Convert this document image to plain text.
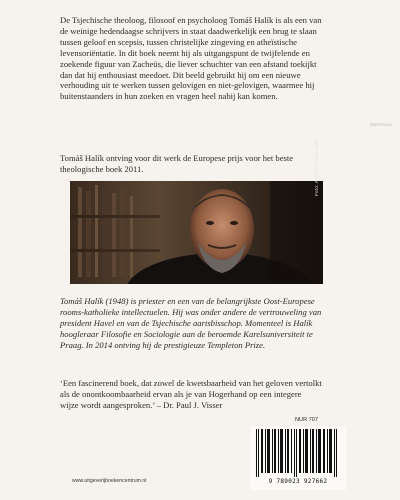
De Tsjechische theoloog, filosoof en psycholoog Tomáš Halík is als een van de weinige hedendaagse schrijvers in staat daadwerkelijk een brug te slaan tussen geloof en scepsis, tussen christelijke zingeving en atheïstische levensoriëntatie. In dit boek neemt hij als uitgangspunt de twijfelende en zoekende figuur van Zacheüs, die liever schuchter van een afstand toekijkt dan dat hij enthousiast meedoet. Dit beeld gebruikt hij om een nieuwe verhouding uit te werken tussen gelovigen en niet-gelovigen, waarmee hij buitenstaanders in hun zoeken en vragen heel nabij kan komen.

Tomáš Halík ontving voor dit werk de Europese prijs voor het beste theologische boek 2011.	Foto: Archief Tomáš Halík

Tomáš Halík (1948) is priester en een van de belangrijkste Oost-Europese rooms-katholieke intellectuelen. Hij was onder andere de vertrouweling van president Havel en van de Tsjechische aartsbisschop. Momenteel is Halík hoogleraar Filosofie en Sociologie aan de beroemde Karelsuniversiteit te Praag. In 2014 ontving hij de prestigieuze Templeton Prize.

‘Een fascinerend boek, dat zowel de kwetsbaarheid van het geloven vertolkt als de onontkoombaarheid ervan als je van Hogerhand op een integere wijze wordt aangesproken.’ – Dr. Paul J. Visser

DEEPFOCUS
NUR 707
9 789023 927662
www.uitgeverijboekencentrum.nl
